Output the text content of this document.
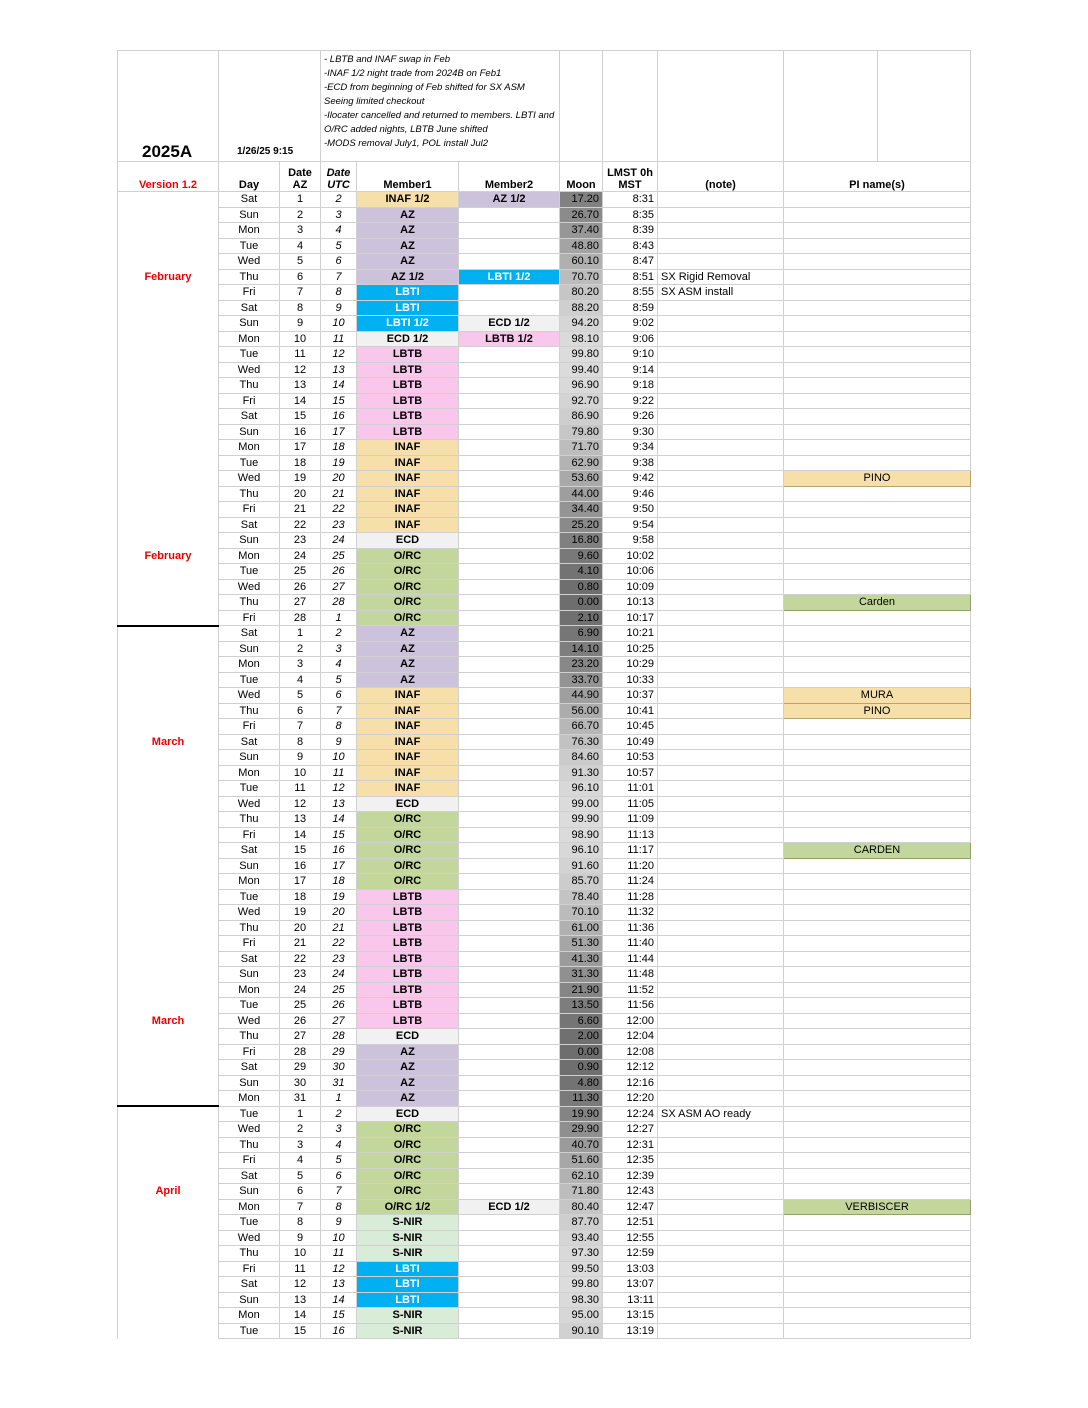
2025A	1/26/25 9:15		- LBTB and INAF swap in Feb
-INAF 1/2 night trade from 2024B on Feb1
-ECD from beginning of Feb shifted for SX ASM Seeing limited checkout
-Ilocater cancelled and returned to members. LBTI and O/RC added nights, LBTB June shifted
-MODS removal July1, POL install Jul2							

Version 1.2	Day	Date AZ	Date UTC	Member1	Member2	Moon	LMST 0h MST	(note)	PI name(s)	
	Sat	1	2	INAF 1/2	AZ 1/2	17.20	8:31			
	Sun	2	3	AZ		26.70	8:35			
	Mon	3	4	AZ		37.40	8:39			
	Tue	4	5	AZ		48.80	8:43			
	Wed	5	6	AZ		60.10	8:47			
February	Thu	6	7	AZ 1/2	LBTI 1/2	70.70	8:51	SX Rigid Removal		
	Fri	7	8	LBTI		80.20	8:55	SX ASM install		
	Sat	8	9	LBTI		88.20	8:59			
	Sun	9	10	LBTI 1/2	ECD 1/2	94.20	9:02			
	Mon	10	11	ECD 1/2	LBTB 1/2	98.10	9:06			
	Tue	11	12	LBTB		99.80	9:10			
	Wed	12	13	LBTB		99.40	9:14			
	Thu	13	14	LBTB		96.90	9:18			
	Fri	14	15	LBTB		92.70	9:22			
	Sat	15	16	LBTB		86.90	9:26			
	Sun	16	17	LBTB		79.80	9:30			
	Mon	17	18	INAF		71.70	9:34			
	Tue	18	19	INAF		62.90	9:38			
	Wed	19	20	INAF		53.60	9:42		PINO	
	Thu	20	21	INAF		44.00	9:46			
	Fri	21	22	INAF		34.40	9:50			
	Sat	22	23	INAF		25.20	9:54			
	Sun	23	24	ECD		16.80	9:58			
February	Mon	24	25	O/RC		9.60	10:02			
	Tue	25	26	O/RC		4.10	10:06			
	Wed	26	27	O/RC		0.80	10:09			
	Thu	27	28	O/RC		0.00	10:13		Carden	
	Fri	28	1	O/RC		2.10	10:17			
	Sat	1	2	AZ		6.90	10:21			
	Sun	2	3	AZ		14.10	10:25			
	Mon	3	4	AZ		23.20	10:29			
	Tue	4	5	AZ		33.70	10:33			
	Wed	5	6	INAF		44.90	10:37		MURA	
	Thu	6	7	INAF		56.00	10:41		PINO	
	Fri	7	8	INAF		66.70	10:45			
March	Sat	8	9	INAF		76.30	10:49			
	Sun	9	10	INAF		84.60	10:53			
	Mon	10	11	INAF		91.30	10:57			
	Tue	11	12	INAF		96.10	11:01			
	Wed	12	13	ECD		99.00	11:05			
	Thu	13	14	O/RC		99.90	11:09			
	Fri	14	15	O/RC		98.90	11:13			
	Sat	15	16	O/RC		96.10	11:17		CARDEN	
	Sun	16	17	O/RC		91.60	11:20			
	Mon	17	18	O/RC		85.70	11:24			
	Tue	18	19	LBTB		78.40	11:28			
	Wed	19	20	LBTB		70.10	11:32			
	Thu	20	21	LBTB		61.00	11:36			
	Fri	21	22	LBTB		51.30	11:40			
	Sat	22	23	LBTB		41.30	11:44			
	Sun	23	24	LBTB		31.30	11:48			
	Mon	24	25	LBTB		21.90	11:52			
	Tue	25	26	LBTB		13.50	11:56			
March	Wed	26	27	LBTB		6.60	12:00			
	Thu	27	28	ECD		2.00	12:04			
	Fri	28	29	AZ		0.00	12:08			
	Sat	29	30	AZ		0.90	12:12			
	Sun	30	31	AZ		4.80	12:16			
	Mon	31	1	AZ		11.30	12:20			
	Tue	1	2	ECD		19.90	12:24	SX ASM AO ready		
	Wed	2	3	O/RC		29.90	12:27			
	Thu	3	4	O/RC		40.70	12:31			
	Fri	4	5	O/RC		51.60	12:35			
	Sat	5	6	O/RC		62.10	12:39			
April	Sun	6	7	O/RC		71.80	12:43			
	Mon	7	8	O/RC 1/2	ECD 1/2	80.40	12:47		VERBISCER	
	Tue	8	9	S-NIR		87.70	12:51			
	Wed	9	10	S-NIR		93.40	12:55			
	Thu	10	11	S-NIR		97.30	12:59			
	Fri	11	12	LBTI		99.50	13:03			
	Sat	12	13	LBTI		99.80	13:07			
	Sun	13	14	LBTI		98.30	13:11			
	Mon	14	15	S-NIR		95.00	13:15			
	Tue	15	16	S-NIR		90.10	13:19			
